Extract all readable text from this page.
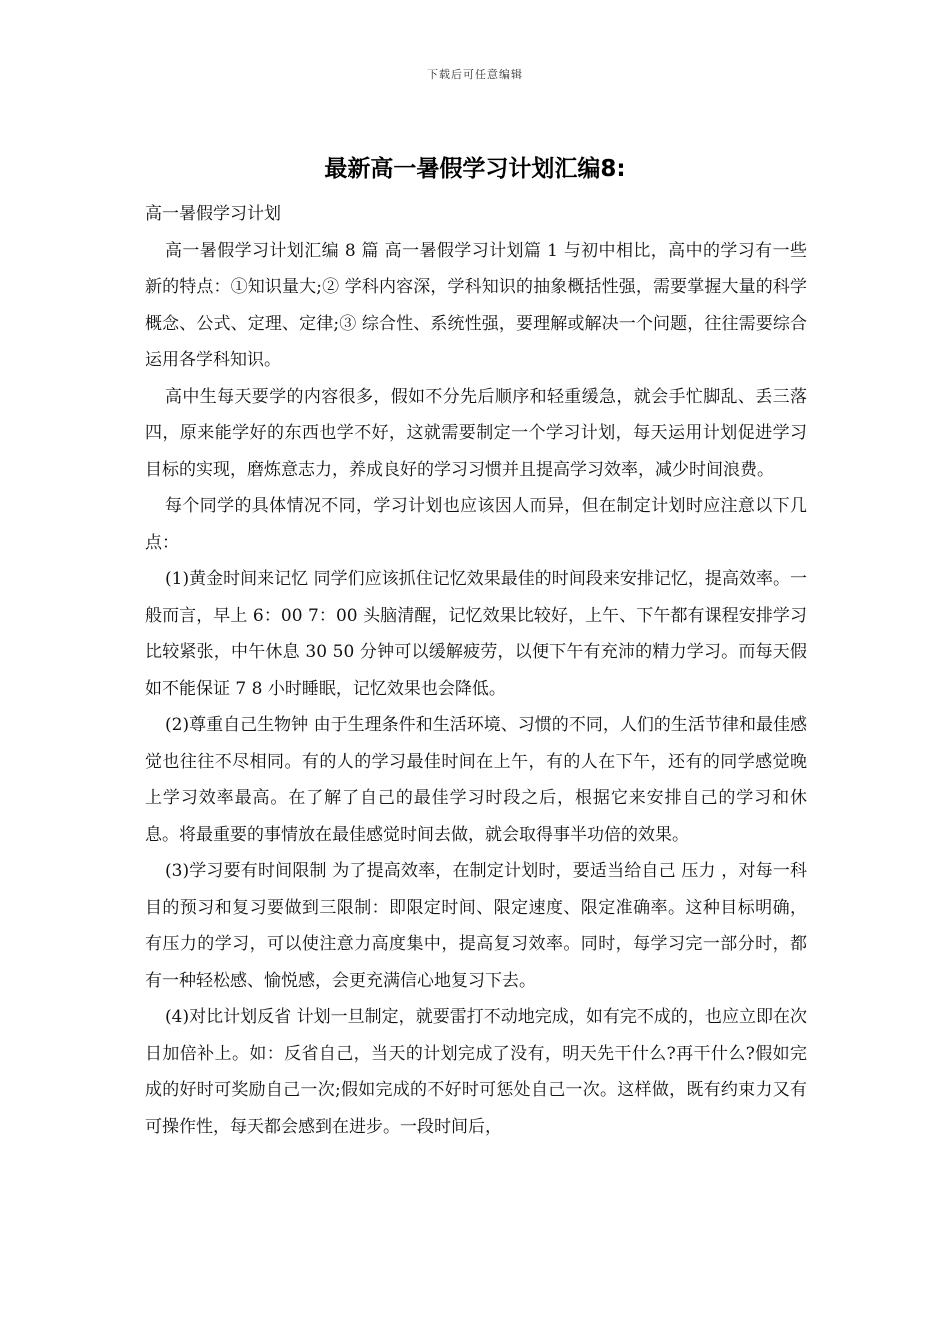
下载后可任意编辑
最新高一暑假学习计划汇编8:

高一暑假学习计划

高一暑假学习计划汇编 8 篇 高一暑假学习计划篇 1 与初中相比，高中的学习有一些新的特点：①知识量大;② 学科内容深，学科知识的抽象概括性强，需要掌握大量的科学概念、公式、定理、定律;③ 综合性、系统性强，要理解或解决一个问题，往往需要综合运用各学科知识。

高中生每天要学的内容很多，假如不分先后顺序和轻重缓急，就会手忙脚乱、丢三落四，原来能学好的东西也学不好，这就需要制定一个学习计划，每天运用计划促进学习目标的实现，磨炼意志力，养成良好的学习习惯并且提高学习效率，减少时间浪费。

每个同学的具体情况不同，学习计划也应该因人而异，但在制定计划时应注意以下几点：

(1)黄金时间来记忆 同学们应该抓住记忆效果最佳的时间段来安排记忆，提高效率。一般而言，早上 6：00 7：00 头脑清醒，记忆效果比较好，上午、下午都有课程安排学习比较紧张，中午休息 30 50 分钟可以缓解疲劳，以便下午有充沛的精力学习。而每天假如不能保证 7 8 小时睡眠，记忆效果也会降低。

(2)尊重自己生物钟 由于生理条件和生活环境、习惯的不同，人们的生活节律和最佳感觉也往往不尽相同。有的人的学习最佳时间在上午，有的人在下午，还有的同学感觉晚上学习效率最高。在了解了自己的最佳学习时段之后，根据它来安排自己的学习和休息。将最重要的事情放在最佳感觉时间去做，就会取得事半功倍的效果。

(3)学习要有时间限制 为了提高效率，在制定计划时，要适当给自己 压力 ，对每一科目的预习和复习要做到三限制：即限定时间、限定速度、限定准确率。这种目标明确，有压力的学习，可以使注意力高度集中，提高复习效率。同时，每学习完一部分时，都有一种轻松感、愉悦感，会更充满信心地复习下去。

(4)对比计划反省 计划一旦制定，就要雷打不动地完成，如有完不成的，也应立即在次日加倍补上。如：反省自己，当天的计划完成了没有，明天先干什么?再干什么?假如完成的好时可奖励自己一次;假如完成的不好时可惩处自己一次。这样做，既有约束力又有可操作性，每天都会感到在进步。一段时间后，
